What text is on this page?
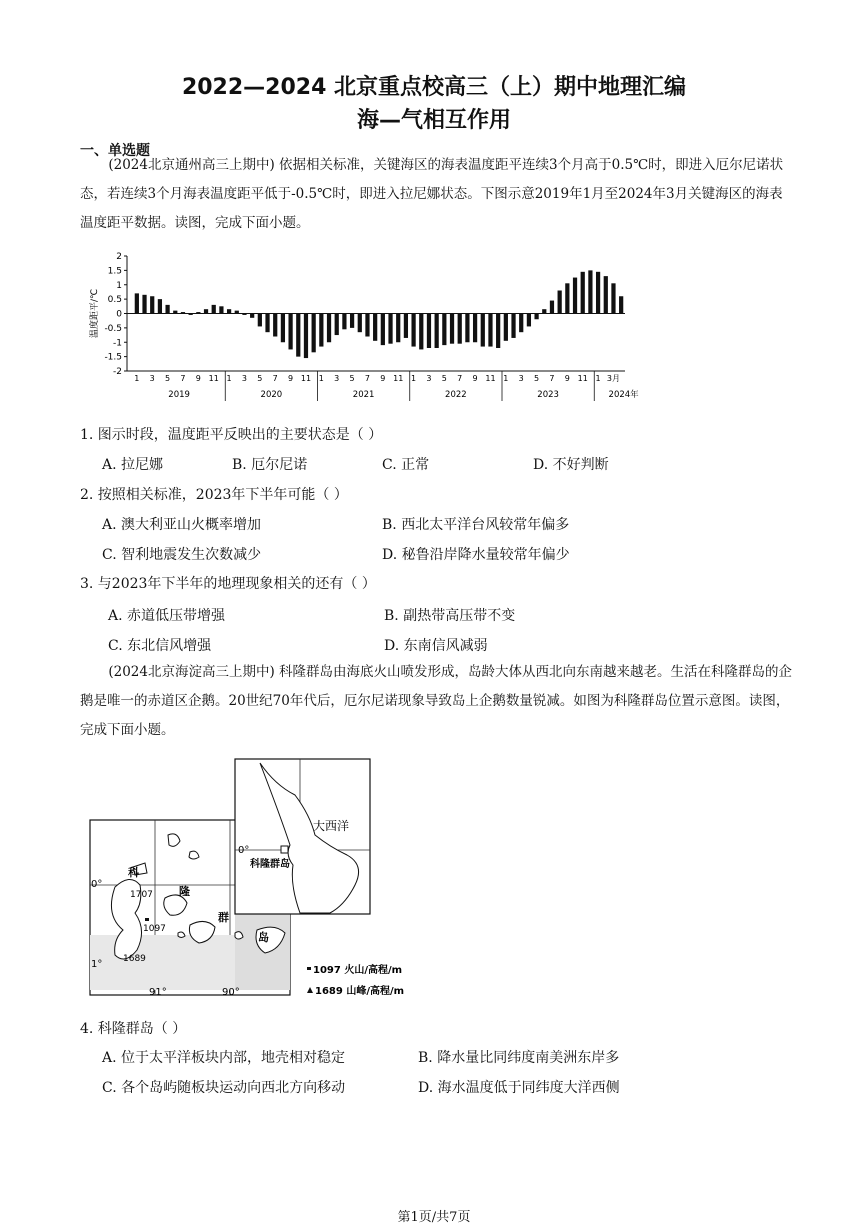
2022—2024 北京重点校高三（上）期中地理汇编
海—气相互作用
一、单选题
(2024北京通州高三上期中) 依据相关标准，关键海区的海表温度距平连续3个月高于0.5℃时，即进入厄尔尼诺状态，若连续3个月海表温度距平低于-0.5℃时，即进入拉尼娜状态。下图示意2019年1月至2024年3月关键海区的海表温度距平数据。读图，完成下面小题。
2
1.5
1
0.5
0
-0.5
-1
-1.5
-2
温度距平/℃
1 3 5 7 9 11 1 3 5 7 9 11 1 3 5 7 9 11 1 3 5 7 9 11 1 3 5 7 9 11 1 3月
2019	2020	2021	2022	2023	2024年
1. 图示时段，温度距平反映出的主要状态是（ ）
A. 拉尼娜	B. 厄尔尼诺	C. 正常	D. 不好判断
2. 按照相关标准，2023年下半年可能（ ）
A. 澳大利亚山火概率增加	B. 西北太平洋台风较常年偏多
C. 智利地震发生次数减少	D. 秘鲁沿岸降水量较常年偏少
3. 与2023年下半年的地理现象相关的还有（ ）
A. 赤道低压带增强	B. 副热带高压带不变
C. 东北信风增强	D. 东南信风减弱
(2024北京海淀高三上期中) 科隆群岛由海底火山喷发形成，岛龄大体从西北向东南越来越老。生活在科隆群岛的企鹅是唯一的赤道区企鹅。20世纪70年代后，厄尔尼诺现象导致岛上企鹅数量锐减。如图为科隆群岛位置示意图。读图，完成下面小题。
科
隆
群
岛
0°
1°
91°	90°
1707
1097
1689
大西洋
0°
科隆群岛
1097 火山/高程/m
1689 山峰/高程/m
4. 科隆群岛（ ）
A. 位于太平洋板块内部，地壳相对稳定	B. 降水量比同纬度南美洲东岸多
C. 各个岛屿随板块运动向西北方向移动	D. 海水温度低于同纬度大洋西侧
第1页/共7页
